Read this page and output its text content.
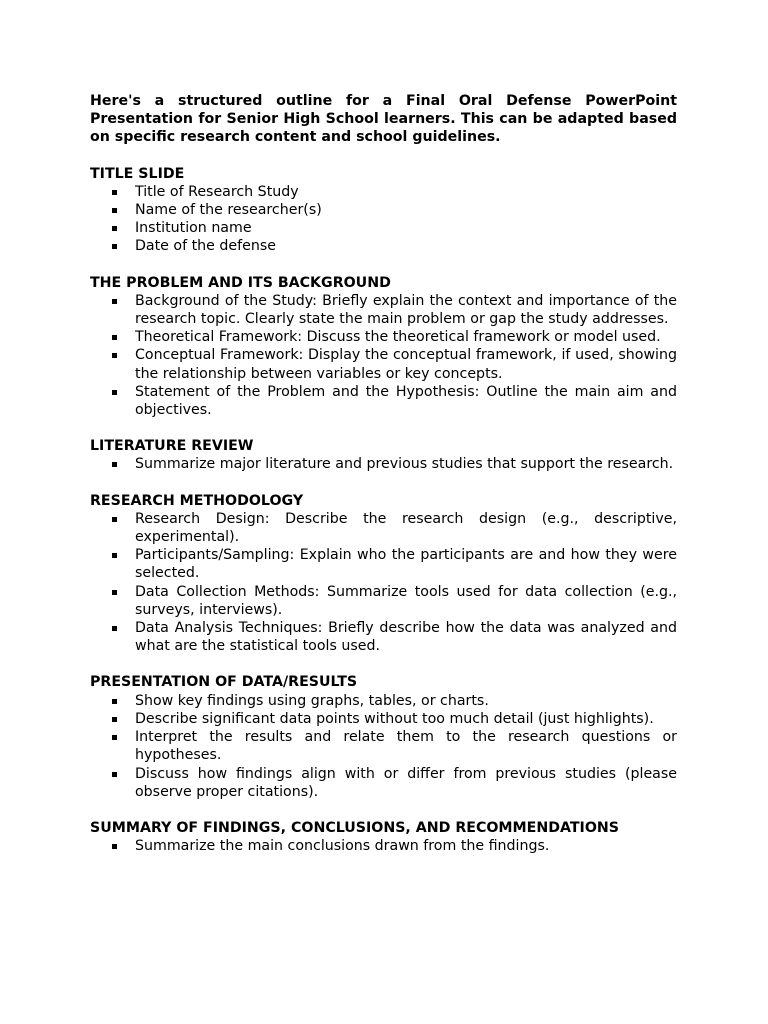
Here's a structured outline for a Final Oral Defense PowerPoint Presentation for Senior High School learners. This can be adapted based on specific research content and school guidelines.

TITLE SLIDE
Title of Research Study
Name of the researcher(s)
Institution name
Date of the defense
THE PROBLEM AND ITS BACKGROUND
Background of the Study: Briefly explain the context and importance of the research topic. Clearly state the main problem or gap the study addresses.
Theoretical Framework: Discuss the theoretical framework or model used.
Conceptual Framework: Display the conceptual framework, if used, showing the relationship between variables or key concepts.
Statement of the Problem and the Hypothesis: Outline the main aim and objectives.
LITERATURE REVIEW
Summarize major literature and previous studies that support the research.
RESEARCH METHODOLOGY
Research Design: Describe the research design (e.g., descriptive, experimental).
Participants/Sampling: Explain who the participants are and how they were selected.
Data Collection Methods: Summarize tools used for data collection (e.g., surveys, interviews).
Data Analysis Techniques: Briefly describe how the data was analyzed and what are the statistical tools used.
PRESENTATION OF DATA/RESULTS
Show key findings using graphs, tables, or charts.
Describe significant data points without too much detail (just highlights).
Interpret the results and relate them to the research questions or hypotheses.
Discuss how findings align with or differ from previous studies (please observe proper citations).
SUMMARY OF FINDINGS, CONCLUSIONS, AND RECOMMENDATIONS
Summarize the main conclusions drawn from the findings.
